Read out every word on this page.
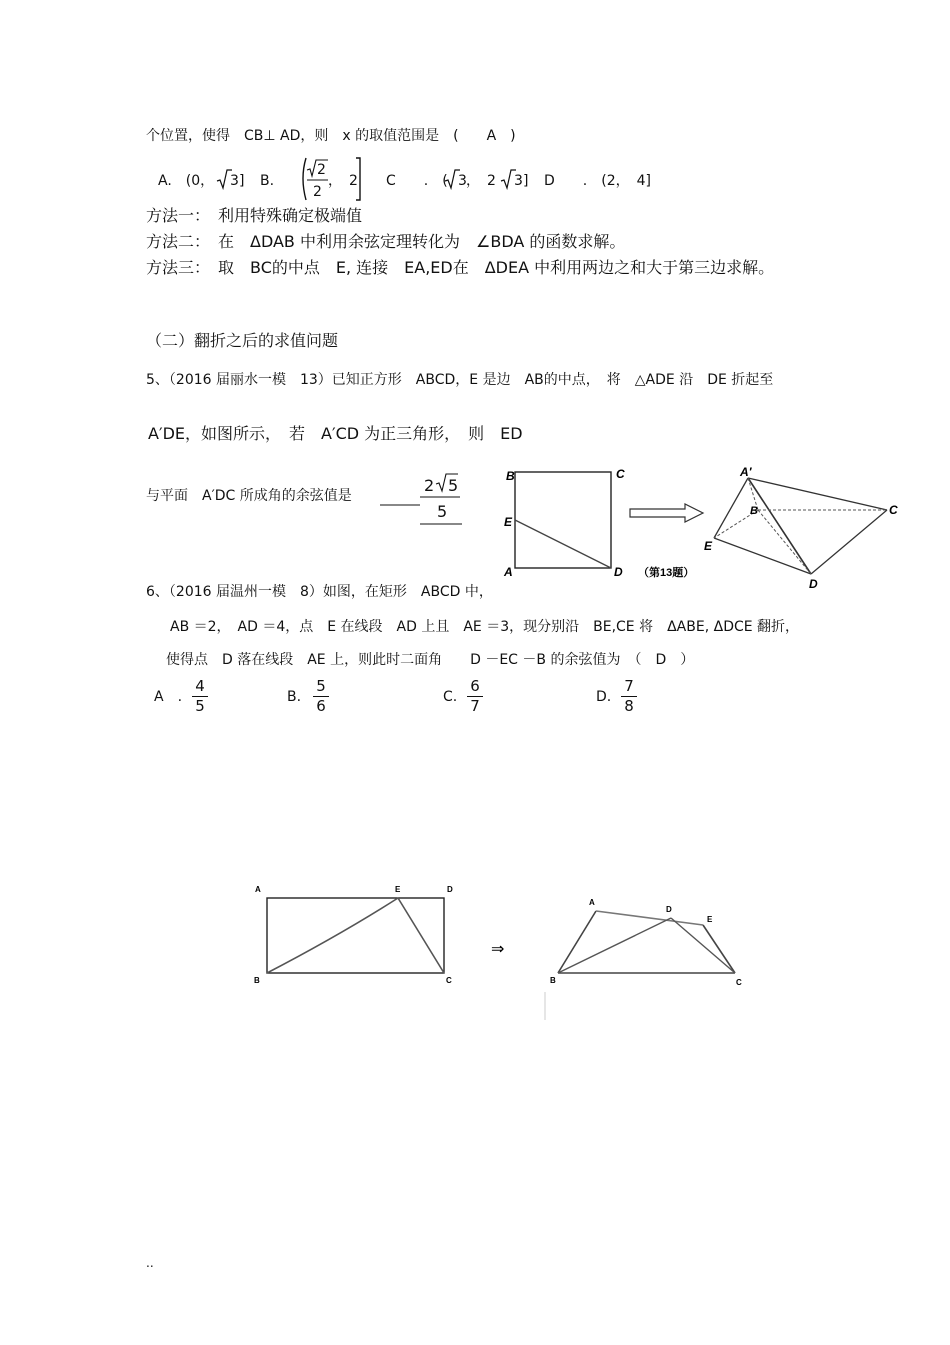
个位置，使得　CB⊥ AD，则　x 的取值范围是　(　　A　)
A.　(0， 3 ] B.
2
2
，　2 C　　.　( 3 ，　2 3 ] D　　.　(2，　4]
方法一：　利用特殊确定极端值
方法二：　在　ΔDAB 中利用余弦定理转化为　∠BDA 的函数求解。
方法三：　取　BC的中点　E, 连接　EA,ED在　ΔDEA 中利用两边之和大于第三边求解。
（二）翻折之后的求值问题
5、（2016 届丽水一模　13）已知正方形　ABCD，E 是边　AB的中点，　将　△ADE 沿　DE 折起至
A′DE，如图所示，　若　A′CD 为正三角形，　则　ED
与平面　A′DC 所成角的余弦值是
2 5
5
B	C
E
A	D （第13题）
A′
B	C
E
D
6、（2016 届温州一模　8）如图，在矩形　ABCD 中，
AB ＝2，　AD ＝4，点　E 在线段　AD 上且　AE ＝3，现分别沿　BE,CE 将　ΔABE, ΔDCE 翻折，
使得点　D 落在线段　AE 上，则此时二面角　　D －EC －B 的余弦值为　（　D　）
A　.
4
5	B.
5
6	C.
6
7	D.
7
8
A	E	D
B	C
⇒
A
D
E
B	C
..
